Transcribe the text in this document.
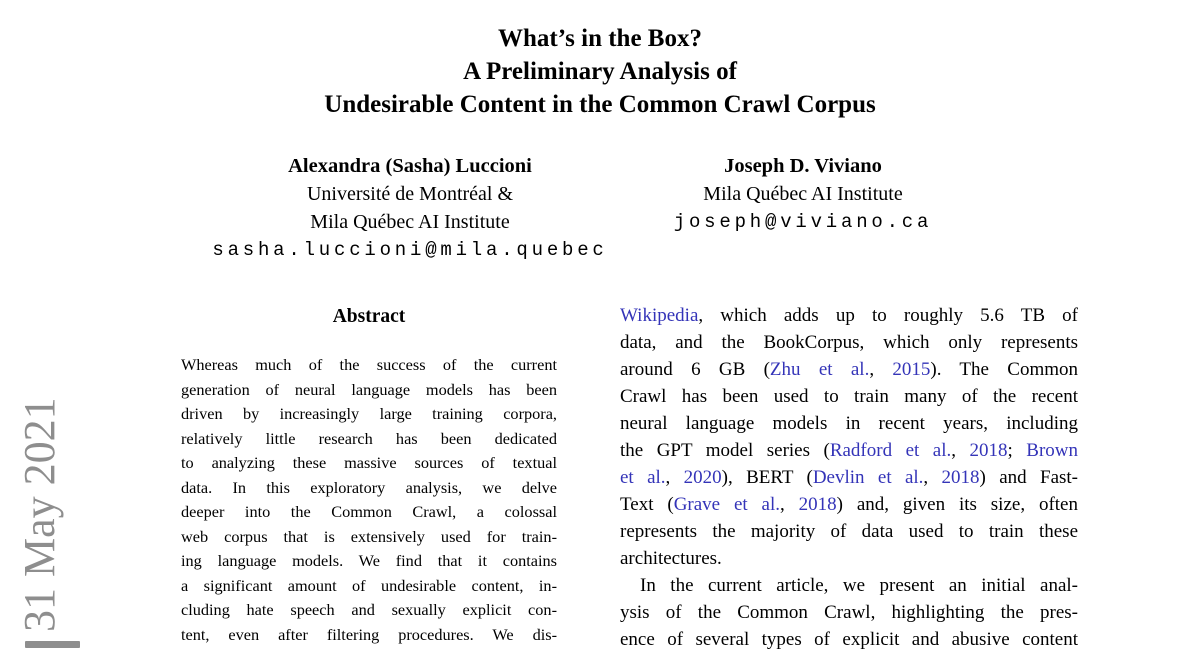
31 May 2021
What’s in the Box?
A Preliminary Analysis of
Undesirable Content in the Common Crawl Corpus
Alexandra (Sasha) Luccioni
Université de Montréal &
Mila Québec AI Institute
sasha.luccioni@mila.quebec
Joseph D. Viviano
Mila Québec AI Institute
joseph@viviano.ca
Abstract
Whereas much of the success of the current
generation of neural language models has been
driven by increasingly large training corpora,
relatively little research has been dedicated
to analyzing these massive sources of textual
data. In this exploratory analysis, we delve
deeper into the Common Crawl, a colossal
web corpus that is extensively used for train-
ing language models. We find that it contains
a significant amount of undesirable content, in-
cluding hate speech and sexually explicit con-
tent, even after filtering procedures. We dis-
Wikipedia, which adds up to roughly 5.6 TB of
data, and the BookCorpus, which only represents
around 6 GB (Zhu et al., 2015). The Common
Crawl has been used to train many of the recent
neural language models in recent years, including
the GPT model series (Radford et al., 2018; Brown
et al., 2020), BERT (Devlin et al., 2018) and Fast-
Text (Grave et al., 2018) and, given its size, often
represents the majority of data used to train these
architectures.
In the current article, we present an initial anal-
ysis of the Common Crawl, highlighting the pres-
ence of several types of explicit and abusive content
